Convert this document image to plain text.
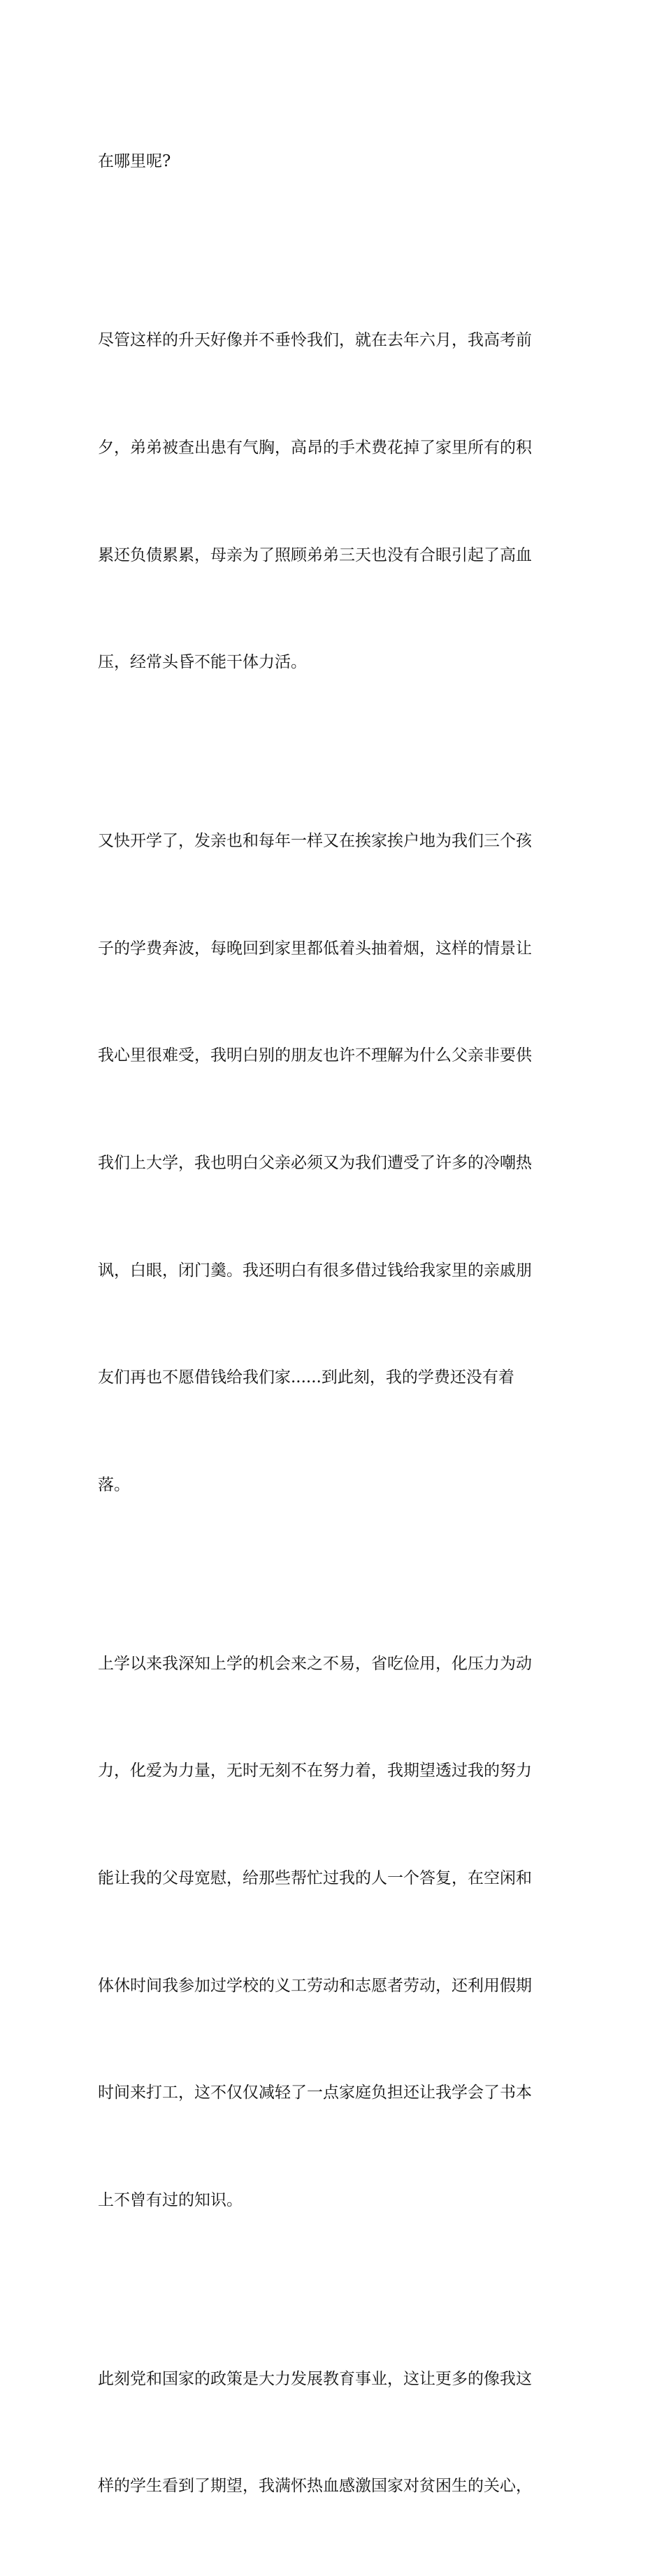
在哪里呢?

尽管这样的升天好像并不垂怜我们，就在去年六月，我高考前

夕，弟弟被查出患有气胸，高昂的手术费花掉了家里所有的积

累还负债累累，母亲为了照顾弟弟三天也没有合眼引起了高血

压，经常头昏不能干体力活。

又快开学了，发亲也和每年一样又在挨家挨户地为我们三个孩

子的学费奔波，每晚回到家里都低着头抽着烟，这样的情景让

我心里很难受，我明白别的朋友也许不理解为什么父亲非要供

我们上大学，我也明白父亲必须又为我们遭受了许多的冷嘲热

讽，白眼，闭门羹。我还明白有很多借过钱给我家里的亲戚朋

友们再也不愿借钱给我们家......到此刻，我的学费还没有着

落。

上学以来我深知上学的机会来之不易，省吃俭用，化压力为动

力，化爱为力量，无时无刻不在努力着，我期望透过我的努力

能让我的父母宽慰，给那些帮忙过我的人一个答复，在空闲和

体休时间我参加过学校的义工劳动和志愿者劳动，还利用假期

时间来打工，这不仅仅减轻了一点家庭负担还让我学会了书本

上不曾有过的知识。

此刻党和国家的政策是大力发展教育事业，这让更多的像我这

样的学生看到了期望，我满怀热血感激国家对贫困生的关心，
